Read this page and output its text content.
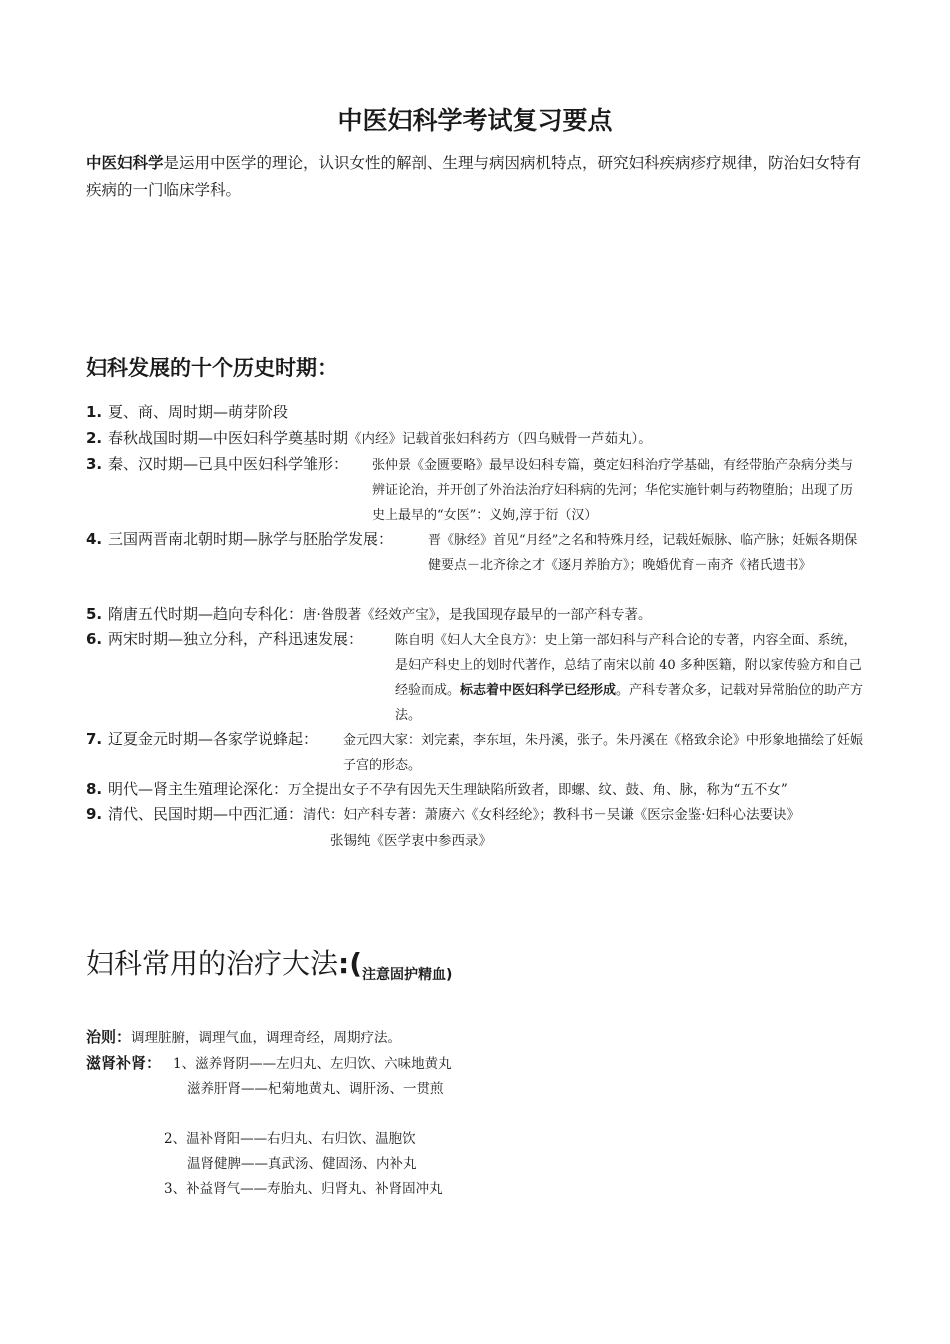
中医妇科学考试复习要点
中医妇科学是运用中医学的理论，认识女性的解剖、生理与病因病机特点，研究妇科疾病疹疗规律，防治妇女特有疾病的一门临床学科。
妇科发展的十个历史时期：
1. 夏、商、周时期—萌芽阶段
2. 春秋战国时期—中医妇科学奠基时期《内经》记载首张妇科药方（四乌贼骨一芦茹丸）。
3. 秦、汉时期—已具中医妇科学雏形： 张仲景《金匮要略》最早设妇科专篇，奠定妇科治疗学基础，有经带胎产杂病分类与辨证论治，并开创了外治法治疗妇科病的先河；华佗实施针刺与药物堕胎；出现了历史上最早的“女医”：义姁,淳于衍（汉）
4. 三国两晋南北朝时期—脉学与胚胎学发展：	晋《脉经》首见“月经”之名和特殊月经，记载妊娠脉、临产脉；妊娠各期保健要点－北齐徐之才《逐月养胎方》；晚婚优育－南齐《褚氏遗书》
5. 隋唐五代时期—趋向专科化：唐·昝殷著《经效产宝》，是我国现存最早的一部产科专著。
6. 两宋时期—独立分科，产科迅速发展： 陈自明《妇人大全良方》：史上第一部妇科与产科合论的专著，内容全面、系统，是妇产科史上的划时代著作，总结了南宋以前 40 多种医籍，附以家传验方和自己经验而成。标志着中医妇科学已经形成。产科专著众多，记载对异常胎位的助产方法。
7. 辽夏金元时期—各家学说蜂起： 金元四大家：刘完素，李东垣，朱丹溪，张子。朱丹溪在《格致余论》中形象地描绘了妊娠子宫的形态。
8. 明代—肾主生殖理论深化：万全提出女子不孕有因先天生理缺陷所致者，即螺、纹、鼓、角、脉，称为“五不女”
9. 清代、民国时期—中西汇通：清代：妇产科专著：萧赓六《女科经纶》；教科书－吴谦《医宗金鉴·妇科心法要诀》
张锡纯《医学衷中参西录》
妇科常用的治疗大法$:(_{注意固护精血)}$
治则：调理脏腑，调理气血，调理奇经，周期疗法。
滋肾补肾： 1、滋养肾阴——左归丸、左归饮、六味地黄丸
滋养肝肾——杞菊地黄丸、调肝汤、一贯煎
2、温补肾阳——右归丸、右归饮、温胞饮
温肾健脾——真武汤、健固汤、内补丸
3、补益肾气——寿胎丸、归肾丸、补肾固冲丸
